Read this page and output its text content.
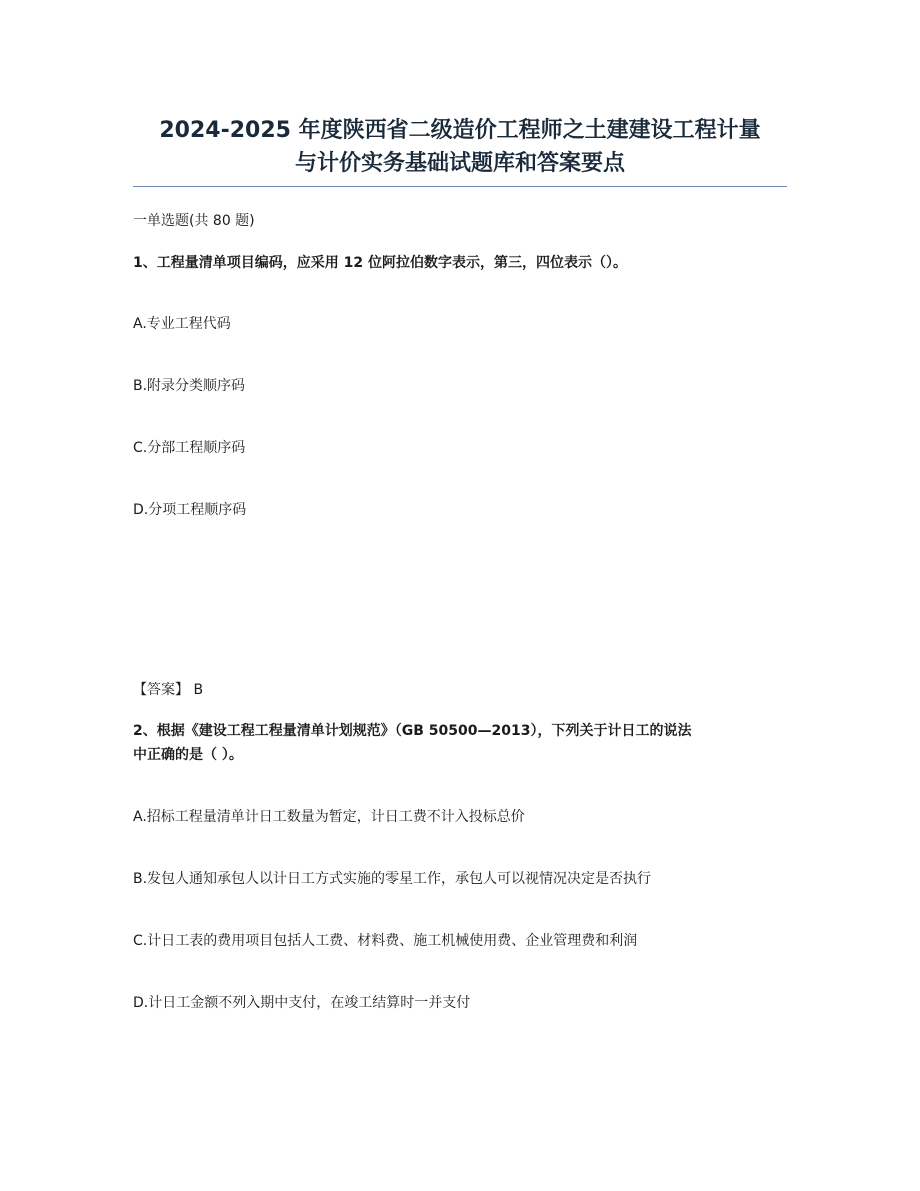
2024-2025 年度陕西省二级造价工程师之土建建设工程计量
与计价实务基础试题库和答案要点
一单选题(共 80 题)
1、工程量清单项目编码，应采用 12 位阿拉伯数字表示，第三，四位表示（）。
A.专业工程代码
B.附录分类顺序码
C.分部工程顺序码
D.分项工程顺序码
【答案】 B
2、根据《建设工程工程量清单计划规范》（GB 50500—2013），下列关于计日工的说法
中正确的是（ ）。
A.招标工程量清单计日工数量为暂定，计日工费不计入投标总价
B.发包人通知承包人以计日工方式实施的零星工作，承包人可以视情况决定是否执行
C.计日工表的费用项目包括人工费、材料费、施工机械使用费、企业管理费和利润
D.计日工金额不列入期中支付，在竣工结算时一并支付
